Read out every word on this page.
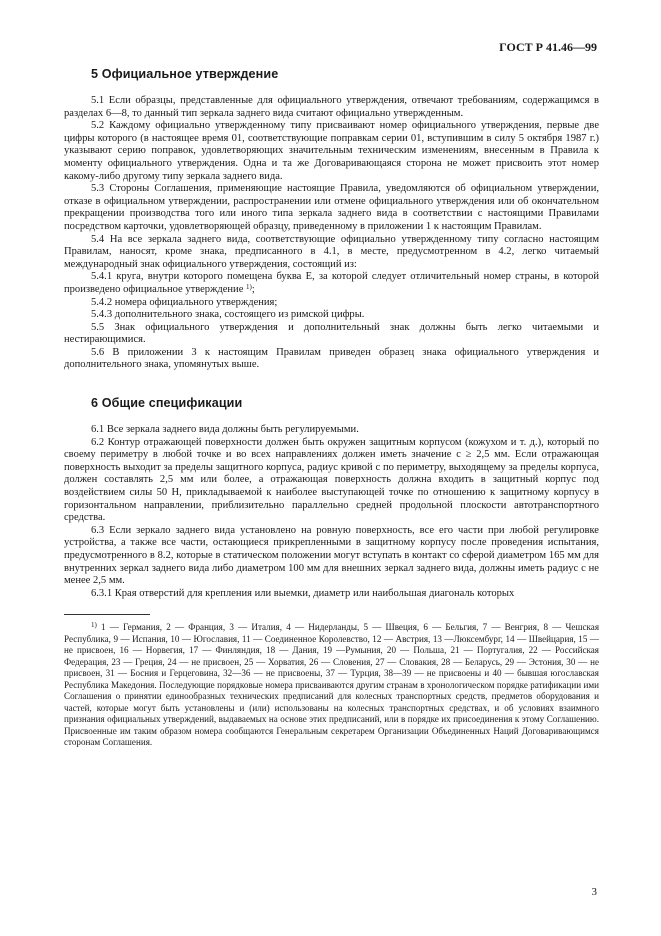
ГОСТ Р 41.46—99
5 Официальное утверждение

5.1 Если образцы, представленные для официального утверждения, отвечают требованиям, содержащимся в разделах 6—8, то данный тип зеркала заднего вида считают официально утвержденным.

5.2 Каждому официально утвержденному типу присваивают номер официального утверждения, первые две цифры которого (в настоящее время 01, соответствующие поправкам серии 01, вступившим в силу 5 октября 1987 г.) указывают серию поправок, удовлетворяющих значительным техническим изменениям, внесенным в Правила к моменту официального утверждения. Одна и та же Договаривающаяся сторона не может присвоить этот номер какому-либо другому типу зеркала заднего вида.

5.3 Стороны Соглашения, применяющие настоящие Правила, уведомляются об официальном утверждении, отказе в официальном утверждении, распространении или отмене официального утверждения или об окончательном прекращении производства того или иного типа зеркала заднего вида в соответствии с настоящими Правилами посредством карточки, удовлетворяющей образцу, приведенному в приложении 1 к настоящим Правилам.

5.4 На все зеркала заднего вида, соответствующие официально утвержденному типу согласно настоящим Правилам, наносят, кроме знака, предписанного в 4.1, в месте, предусмотренном в 4.2, легко читаемый международный знак официального утверждения, состоящий из:

5.4.1 круга, внутри которого помещена буква Е, за которой следует отличительный номер страны, в которой произведено официальное утверждение $^{1)}$;

5.4.2 номера официального утверждения;

5.4.3 дополнительного знака, состоящего из римской цифры.

5.5 Знак официального утверждения и дополнительный знак должны быть легко читаемыми и нестирающимися.

5.6 В приложении 3 к настоящим Правилам приведен образец знака официального утверждения и дополнительного знака, упомянутых выше.

6 Общие спецификации

6.1 Все зеркала заднего вида должны быть регулируемыми.

6.2 Контур отражающей поверхности должен быть окружен защитным корпусом (кожухом и т. д.), который по своему периметру в любой точке и во всех направлениях должен иметь значение c ≥ 2,5 мм. Если отражающая поверхность выходит за пределы защитного корпуса, радиус кривой c по периметру, выходящему за пределы корпуса, должен составлять 2,5 мм или более, а отражающая поверхность должна входить в защитный корпус под воздействием силы 50 Н, прикладываемой к наиболее выступающей точке по отношению к защитному корпусу в горизонтальном направлении, приблизительно параллельно средней продольной плоскости автотранспортного средства.

6.3 Если зеркало заднего вида установлено на ровную поверхность, все его части при любой регулировке устройства, а также все части, остающиеся прикрепленными в защитному корпусу после проведения испытания, предусмотренного в 8.2, которые в статическом положении могут вступать в контакт со сферой диаметром 165 мм для внутренних зеркал заднего вида либо диаметром 100 мм для внешних зеркал заднего вида, должны иметь радиус c не менее 2,5 мм.

6.3.1 Края отверстий для крепления или выемки, диаметр или наибольшая диагональ которых

$^{1)}$ 1 — Германия, 2 — Франция, 3 — Италия, 4 — Нидерланды, 5 — Швеция, 6 — Бельгия, 7 — Венгрия, 8 — Чешская Республика, 9 — Испания, 10 — Югославия, 11 — Соединенное Королевство, 12 — Австрия, 13 —Люксембург, 14 — Швейцария, 15 — не присвоен, 16 — Норвегия, 17 — Финляндия, 18 — Дания, 19 —Румыния, 20 — Польша, 21 — Португалия, 22 — Российская Федерация, 23 — Греция, 24 — не присвоен, 25 — Хорватия, 26 — Словения, 27 — Словакия, 28 — Беларусь, 29 — Эстония, 30 — не присвоен, 31 — Босния и Герцеговина, 32—36 — не присвоены, 37 — Турция, 38—39 — не присвоены и 40 — бывшая югославская Республика Македония. Последующие порядковые номера присваиваются другим странам в хронологическом порядке ратификации ими Соглашения о принятии единообразных технических предписаний для колесных транспортных средств, предметов оборудования и частей, которые могут быть установлены и (или) использованы на колесных транспортных средствах, и об условиях взаимного признания официальных утверждений, выдаваемых на основе этих предписаний, или в порядке их присоединения к этому Соглашению. Присвоенные им таким образом номера сообщаются Генеральным секретарем Организации Объединенных Наций Договаривающимся сторонам Соглашения.

3
